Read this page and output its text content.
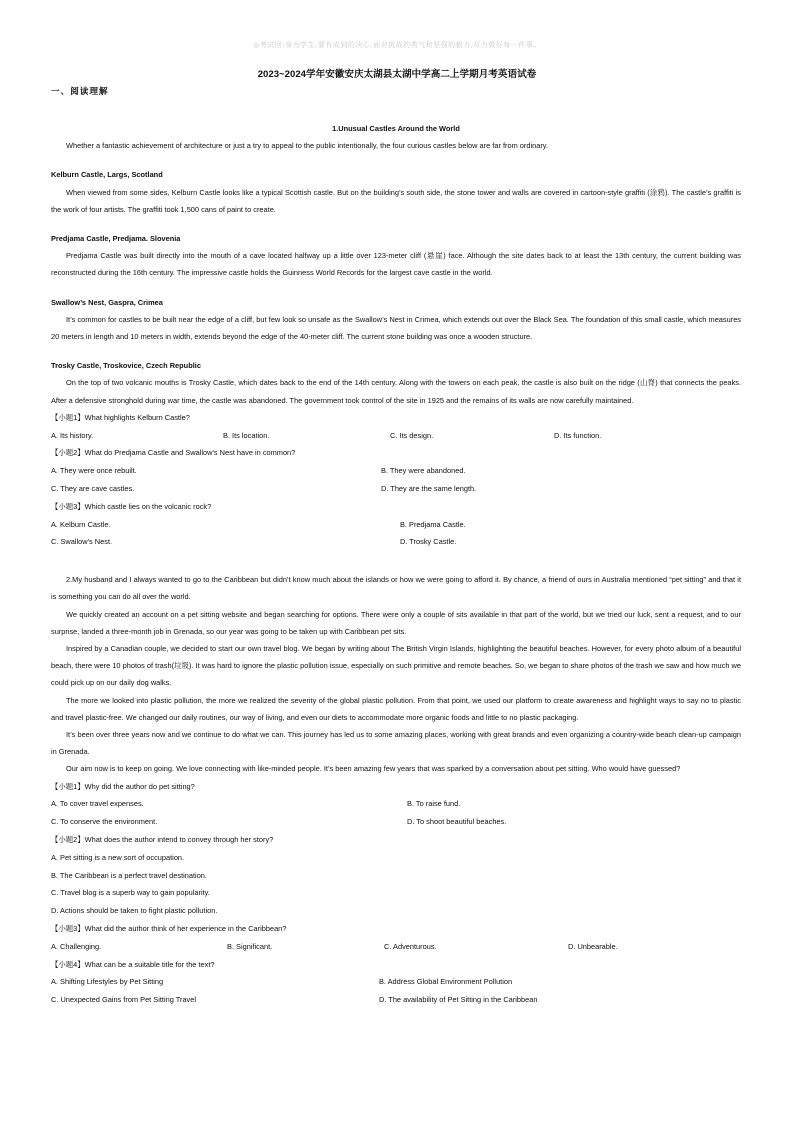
◎考试回:身为学生,要有成到的决心,面对挑战的勇气和坚强的毅力,尽力做好每一件事。
2023~2024学年安徽安庆太湖县太湖中学高二上学期月考英语试卷
一、阅读理解
1.Unusual Castles Around the World
Whether a fantastic achievement of architecture or just a try to appeal to the public intentionally, the four curious castles below are far from ordinary.
Kelburn Castle, Largs, Scotland
When viewed from some sides, Kelburn Castle looks like a typical Scottish castle. But on the building’s south side, the stone tower and walls are covered in cartoon-style graffiti (涂鸦). The castle’s graffiti is the work of four artists. The graffiti took 1,500 cans of paint to create.
Predjama Castle, Predjama. Slovenia
Predjama Castle was built directly into the mouth of a cave located halfway up a little over 123-meter cliff (悬崖) face. Although the site dates back to at least the 13th century, the current building was reconstructed during the 16th century. The impressive castle holds the Guinness World Records for the largest cave castle in the world.
Swallow’s Nest, Gaspra, Crimea
It’s common for castles to be built near the edge of a cliff, but few look so unsafe as the Swallow’s Nest in Crimea, which extends out over the Black Sea. The foundation of this small castle, which measures 20 meters in length and 10 meters in width, extends beyond the edge of the 40-meter cliff. The current stone building was once a wooden structure.
Trosky Castle, Troskovice, Czech Republic
On the top of two volcanic mouths is Trosky Castle, which dates back to the end of the 14th century. Along with the towers on each peak, the castle is also built on the ridge (山脊) that connects the peaks. After a defensive stronghold during war time, the castle was abandoned. The government took control of the site in 1925 and the remains of its walls are now carefully maintained.
【小题1】What highlights Kelburn Castle?
A. Its history.	B. Its location.	C. Its design.	D. Its function.
【小题2】What do Predjama Castle and Swallow’s Nest have in common?
A. They were once rebuilt.	B. They were abandoned.
C. They are cave castles.	D. They are the same length.
【小题3】Which castle lies on the volcanic rock?
A. Kelburn Castle.	B. Predjama Castle.
C. Swallow’s Nest.	D. Trosky Castle.
2.My husband and I always wanted to go to the Caribbean but didn’t know much about the islands or how we were going to afford it. By chance, a friend of ours in Australia mentioned “pet sitting” and that it is something you can do all over the world.
We quickly created an account on a pet sitting website and began searching for options. There were only a couple of sits available in that part of the world, but we tried our luck, sent a request, and to our surprise, landed a three-month job in Grenada, so our year was going to be taken up with Caribbean pet sits.
Inspired by a Canadian couple, we decided to start our own travel blog. We began by writing about The British Virgin Islands, highlighting the beautiful beaches. However, for every photo album of a beautiful beach, there were 10 photos of trash(垃圾). It was hard to ignore the plastic pollution issue, especially on such primitive and remote beaches. So, we began to share photos of the trash we saw and how much we could pick up on our daily dog walks.
The more we looked into plastic pollution, the more we realized the severity of the global plastic pollution. From that point, we used our platform to create awareness and highlight ways to say no to plastic and travel plastic-free. We changed our daily routines, our way of living, and even our diets to accommodate more organic foods and little to no plastic packaging.
It’s been over three years now and we continue to do what we can. This journey has led us to some amazing places, working with great brands and even organizing a country-wide beach clean-up campaign in Grenada.
Our aim now is to keep on going. We love connecting with like-minded people. It’s been amazing few years that was sparked by a conversation about pet sitting. Who would have guessed?
【小题1】Why did the author do pet sitting?
A. To cover travel expenses.	B. To raise fund.
C. To conserve the environment.	D. To shoot beautiful beaches.
【小题2】What does the author intend to convey through her story?
A. Pet sitting is a new sort of occupation.
B. The Caribbean is a perfect travel destination.
C. Travel blog is a superb way to gain popularity.
D. Actions should be taken to fight plastic pollution.
【小题3】What did the author think of her experience in the Caribbean?
A. Challenging.	B. Significant.	C. Adventurous.	D. Unbearable.
【小题4】What can be a suitable title for the text?
A. Shifting Lifestyles by Pet Sitting	B. Address Global Environment Pollution
C. Unexpected Gains from Pet Sitting Travel	D. The availability of Pet Sitting in the Caribbean
